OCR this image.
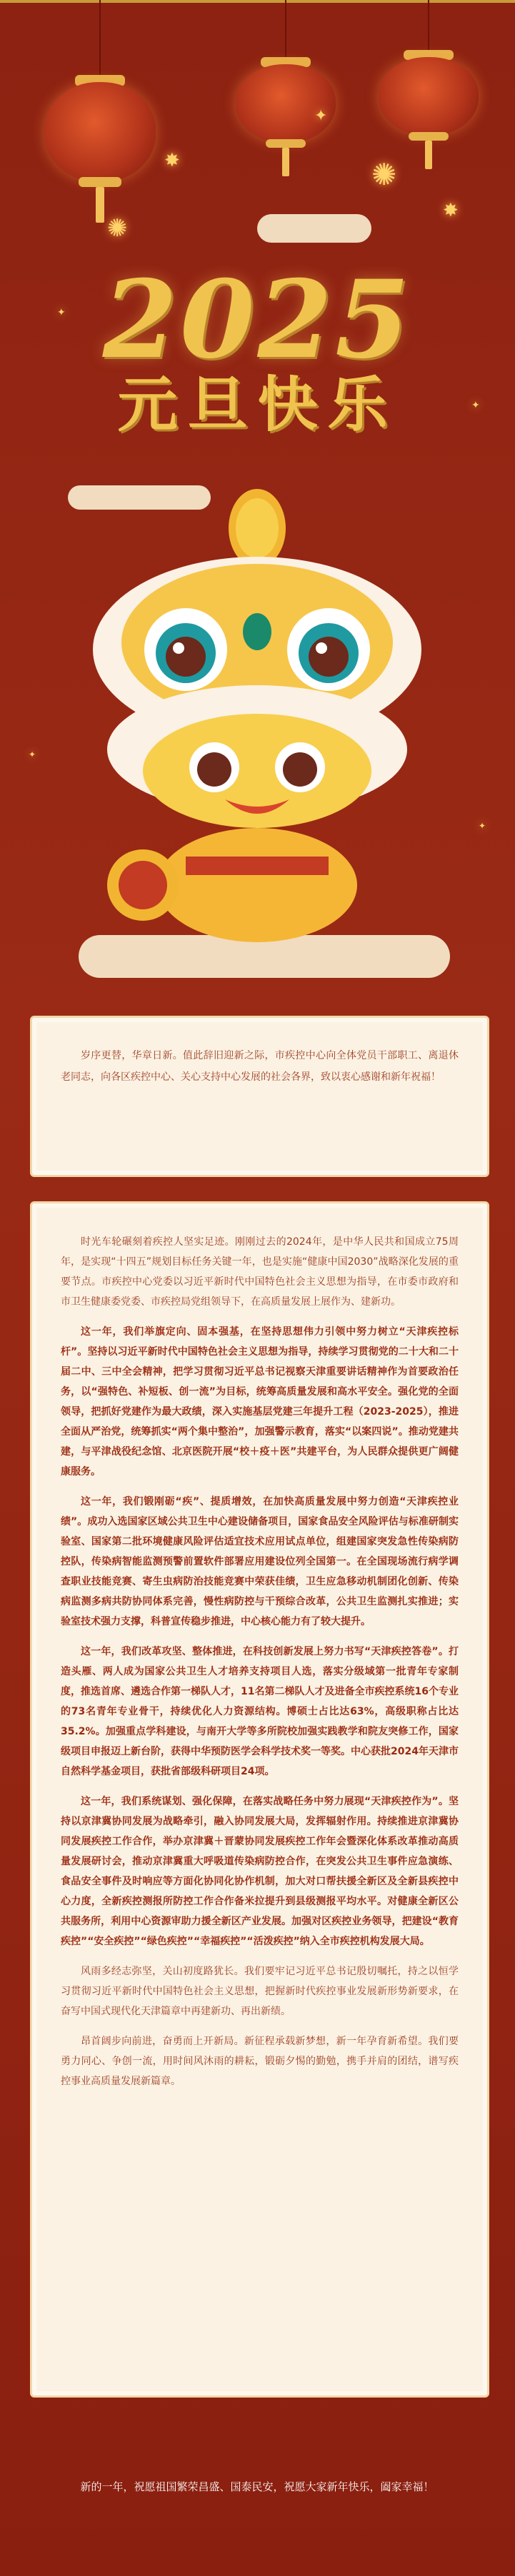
✺
✸	✺
✸
✦
✦
✦
✦
✦
2025
元旦快乐

岁序更替，华章日新。值此辞旧迎新之际，市疾控中心向全体党员干部职工、离退休老同志，向各区疾控中心、关心支持中心发展的社会各界，致以衷心感谢和新年祝福！

时光车轮碾刻着疾控人坚实足迹。刚刚过去的2024年，是中华人民共和国成立75周年，是实现“十四五”规划目标任务关键一年，也是实施“健康中国2030”战略深化发展的重要节点。市疾控中心党委以习近平新时代中国特色社会主义思想为指导，在市委市政府和市卫生健康委党委、市疾控局党组领导下，在高质量发展上展作为、建新功。

这一年，我们举旗定向、固本强基，在坚持思想伟力引领中努力树立“天津疾控标杆”。坚持以习近平新时代中国特色社会主义思想为指导，持续学习贯彻党的二十大和二十届二中、三中全会精神，把学习贯彻习近平总书记视察天津重要讲话精神作为首要政治任务，以“强特色、补短板、创一流”为目标，统筹高质量发展和高水平安全。强化党的全面领导，把抓好党建作为最大政绩，深入实施基层党建三年提升工程（2023-2025），推进全面从严治党，统筹抓实“两个集中整治”，加强警示教育，落实“以案四说”。推动党建共建，与平津战役纪念馆、北京医院开展“校＋疫＋医”共建平台，为人民群众提供更广阔健康服务。

这一年，我们锻刚砺“疾”、提质增效，在加快高质量发展中努力创造“天津疾控业绩”。成功入选国家区域公共卫生中心建设储备项目，国家食品安全风险评估与标准研制实验室、国家第二批环境健康风险评估适宜技术应用试点单位，组建国家突发急性传染病防控队，传染病智能监测预警前置软件部署应用建设位列全国第一。在全国现场流行病学调查职业技能竞赛、寄生虫病防治技能竞赛中荣获佳绩，卫生应急移动机制团化创新、传染病监测多病共防协同体系完善，慢性病防控与干预综合改革，公共卫生监测扎实推进；实验室技术强力支撑，科普宣传稳步推进，中心核心能力有了较大提升。

这一年，我们改革攻坚、整体推进，在科技创新发展上努力书写“天津疾控答卷”。打造头雁、两人成为国家公共卫生人才培养支持项目人选，落实分级域第一批青年专家制度，推选首席、遴选合作第一梯队人才，11名第二梯队人才及进备全市疾控系统16个专业的73名青年专业骨干，持续优化人力资源结构。博硕士占比达63%，高级职称占比达35.2%。加强重点学科建设，与南开大学等多所院校加强实践教学和院友突修工作，国家级项目申报迈上新台阶，获得中华预防医学会科学技术奖一等奖。中心获批2024年天津市自然科学基金项目，获批省部级科研项目24项。

这一年，我们系统谋划、强化保障，在落实战略任务中努力展现“天津疾控作为”。坚持以京津冀协同发展为战略牵引，融入协同发展大局，发挥辐射作用。持续推进京津冀协同发展疾控工作合作，举办京津冀＋晋蒙协同发展疾控工作年会暨深化体系改革推动高质量发展研讨会，推动京津冀重大呼吸道传染病防控合作，在突发公共卫生事件应急演练、食品安全事件及时响应等方面化协同化协作机制，加大对口帮扶援全新区及全新县疾控中心力度，全新疾控测报所防控工作合作备米拉提升到县级测报平均水平。对健康全新区公共服务所，利用中心资源审助力援全新区产业发展。加强对区疾控业务领导，把建设“教育疾控”“安全疾控”“绿色疾控”“幸福疾控”“活泼疾控”纳入全市疾控机构发展大局。

风雨多经志弥坚，关山初度路犹长。我们要牢记习近平总书记殷切嘱托，持之以恒学习贯彻习近平新时代中国特色社会主义思想，把握新时代疾控事业发展新形势新要求，在奋写中国式现代化天津篇章中再建新功、再出新绩。

昂首阔步向前进，奋勇而上开新局。新征程承载新梦想，新一年孕育新希望。我们要勇力同心、争创一流，用时间风沐雨的耕耘，锻砺夕惕的勤勉，携手并肩的团结，谱写疾控事业高质量发展新篇章。

新的一年，祝愿祖国繁荣昌盛、国泰民安，祝愿大家新年快乐，阖家幸福！
